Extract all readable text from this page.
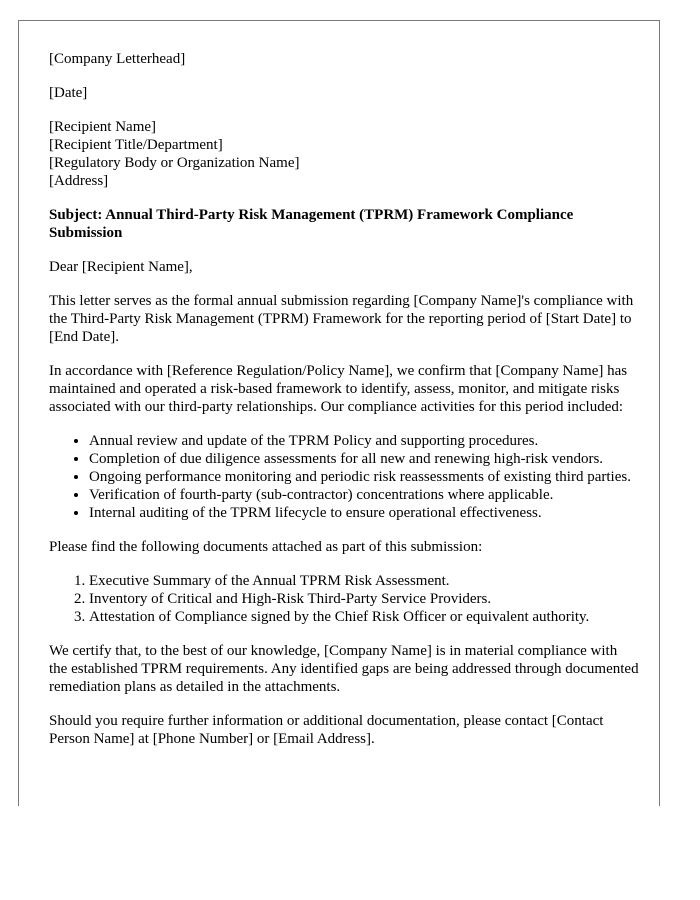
[Company Letterhead]

[Date]

[Recipient Name]
[Recipient Title/Department]
[Regulatory Body or Organization Name]
[Address]

Subject: Annual Third-Party Risk Management (TPRM) Framework Compliance Submission

Dear [Recipient Name],

This letter serves as the formal annual submission regarding [Company Name]'s compliance with the Third-Party Risk Management (TPRM) Framework for the reporting period of [Start Date] to [End Date].

In accordance with [Reference Regulation/Policy Name], we confirm that [Company Name] has maintained and operated a risk-based framework to identify, assess, monitor, and mitigate risks associated with our third-party relationships. Our compliance activities for this period included:

• Annual review and update of the TPRM Policy and supporting procedures.
• Completion of due diligence assessments for all new and renewing high-risk vendors.
• Ongoing performance monitoring and periodic risk reassessments of existing third parties.
• Verification of fourth-party (sub-contractor) concentrations where applicable.
• Internal auditing of the TPRM lifecycle to ensure operational effectiveness.

Please find the following documents attached as part of this submission:

1. Executive Summary of the Annual TPRM Risk Assessment.
2. Inventory of Critical and High-Risk Third-Party Service Providers.
3. Attestation of Compliance signed by the Chief Risk Officer or equivalent authority.

We certify that, to the best of our knowledge, [Company Name] is in material compliance with the established TPRM requirements. Any identified gaps are being addressed through documented remediation plans as detailed in the attachments.

Should you require further information or additional documentation, please contact [Contact Person Name] at [Phone Number] or [Email Address].
